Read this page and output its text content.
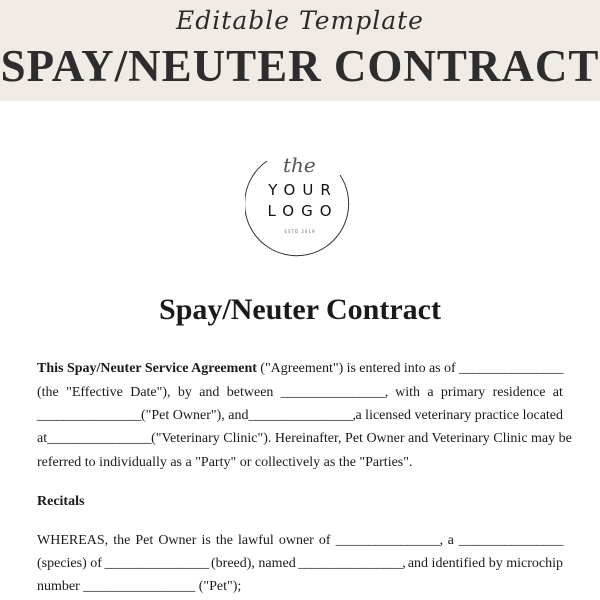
Editable Template
SPAY/NEUTER CONTRACT
the
YOUR
LOGO
ESTD 2019
Spay/Neuter Contract
This Spay/Neuter Service Agreement ("Agreement") is entered into as of ________________
(the "Effective Date"), by and between ________________, with a primary residence at
________________ ("Pet Owner"), and ________________, a licensed veterinary practice located
at ________________ ("Veterinary Clinic"). Hereinafter, Pet Owner and Veterinary Clinic may be
referred to individually as a "Party" or collectively as the "Parties".
Recitals
WHEREAS, the Pet Owner is the lawful owner of ________________, a ________________
(species) of ________________ (breed), named ________________, and identified by microchip
number ________________ ("Pet");
